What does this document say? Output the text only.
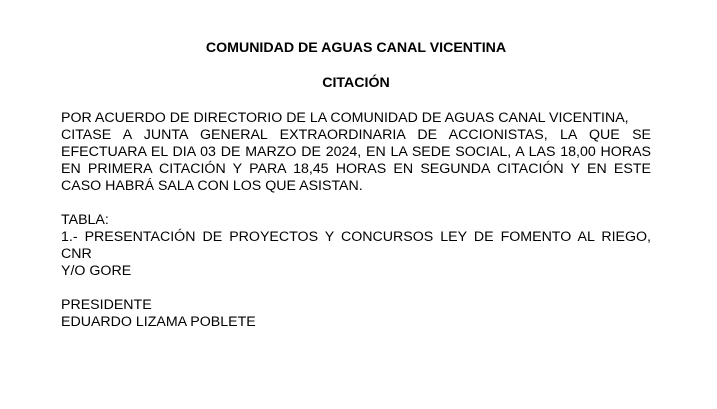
COMUNIDAD DE AGUAS CANAL VICENTINA

CITACIÓN

POR ACUERDO DE DIRECTORIO DE LA COMUNIDAD DE AGUAS CANAL VICENTINA,

CITASE A JUNTA GENERAL EXTRAORDINARIA DE ACCIONISTAS, LA QUE SE EFECTUARA EL DIA 03 DE MARZO DE 2024, EN LA SEDE SOCIAL, A LAS 18,00 HORAS EN PRIMERA CITACIÓN Y PARA 18,45 HORAS EN SEGUNDA CITACIÓN Y EN ESTE CASO HABRÁ SALA CON LOS QUE ASISTAN.

TABLA:

1.- PRESENTACIÓN DE PROYECTOS Y CONCURSOS LEY DE FOMENTO AL RIEGO, CNR

Y/O GORE
PRESIDENTE
EDUARDO LIZAMA POBLETE
